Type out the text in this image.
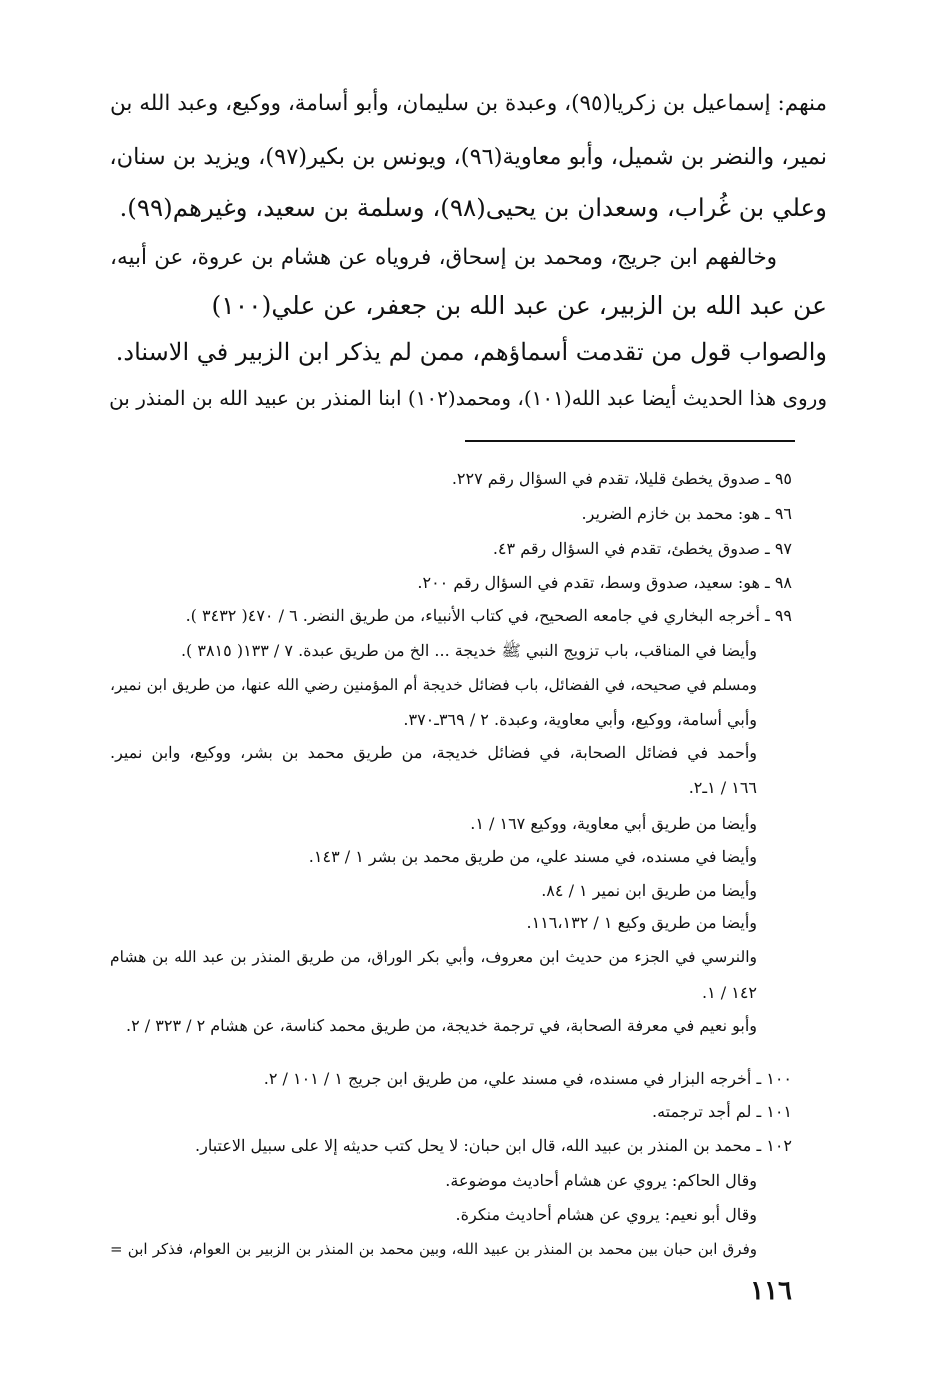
منهم: إسماعيل بن زكريا(٩٥)، وعبدة بن سليمان، وأبو أسامة، ووكيع، وعبد الله بن
نمير، والنضر بن شميل، وأبو معاوية(٩٦)، ويونس بن بكير(٩٧)، ويزيد بن سنان،
وعلي بن غُراب، وسعدان بن يحيى(٩٨)، وسلمة بن سعيد، وغيرهم(٩٩).
وخالفهم ابن جريج، ومحمد بن إسحاق، فروياه عن هشام بن عروة، عن أبيه،
عن عبد الله بن الزبير، عن عبد الله بن جعفر، عن علي(١٠٠)
والصواب قول من تقدمت أسماؤهم، ممن لم يذكر ابن الزبير في الاسناد.
وروى هذا الحديث أيضا عبد الله(١٠١)، ومحمد(١٠٢) ابنا المنذر بن عبيد الله بن المنذر بن
٩٥ ـ صدوق يخطئ قليلا، تقدم في السؤال رقم ٢٢٧.
٩٦ ـ هو: محمد بن خازم الضرير.
٩٧ ـ صدوق يخطئ، تقدم في السؤال رقم ٤٣.
٩٨ ـ هو: سعيد، صدوق وسط، تقدم في السؤال رقم ٢٠٠.
٩٩ ـ أخرجه البخاري في جامعه الصحيح، في كتاب الأنبياء، من طريق النضر. ٦ / ٤٧٠( ٣٤٣٢ ).
وأيضا في المناقب، باب تزويج النبي ﷺ خديجة ... الخ من طريق عبدة. ٧ / ١٣٣( ٣٨١٥ ).
ومسلم في صحيحه، في الفضائل، باب فضائل خديجة أم المؤمنين رضي الله عنها، من طريق ابن نمير،
وأبي أسامة، ووكيع، وأبي معاوية، وعبدة. ٢ / ٣٦٩ـ٣٧٠.
وأحمد في فضائل الصحابة، في فضائل خديجة، من طريق محمد بن بشر، ووكيع، وابن نمير.
١٦٦ / ١ـ٢.
وأيضا من طريق أبي معاوية، ووكيع ١٦٧ / ١.
وأيضا في مسنده، في مسند علي، من طريق محمد بن بشر ١ / ١٤٣.
وأيضا من طريق ابن نمير ١ / ٨٤.
وأيضا من طريق وكيع ١ / ١١٦،١٣٢.
والنرسي في الجزء من حديث ابن معروف، وأبي بكر الوراق، من طريق المنذر بن عبد الله بن هشام
١٤٢ / ١.
وأبو نعيم في معرفة الصحابة، في ترجمة خديجة، من طريق محمد كناسة، عن هشام ٢ / ٣٢٣ / ٢.
١٠٠ ـ أخرجه البزار في مسنده، في مسند علي، من طريق ابن جريج ١ / ١٠١ / ٢.
١٠١ ـ لم أجد ترجمته.
١٠٢ ـ محمد بن المنذر بن عبيد الله، قال ابن حبان: لا يحل كتب حديثه إلا على سبيل الاعتبار.
وقال الحاكم: يروي عن هشام أحاديث موضوعة.
وقال أبو نعيم: يروي عن هشام أحاديث منكرة.
وفرق ابن حبان بين محمد بن المنذر بن عبيد الله، وبين محمد بن المنذر بن الزبير بن العوام، فذكر ابن =
١١٦
